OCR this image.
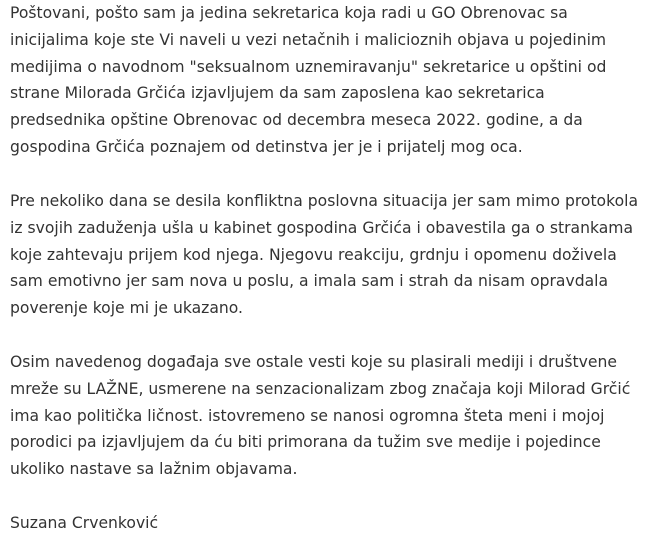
Poštovani, pošto sam ja jedina sekretarica koja radi u GO Obrenovac sa
inicijalima koje ste Vi naveli u vezi netačnih i malicioznih objava u pojedinim
medijima o navodnom "seksualnom uznemiravanju" sekretarice u opštini od
strane Milorada Grčića izjavljujem da sam zaposlena kao sekretarica
predsednika opštine Obrenovac od decembra meseca 2022. godine, a da
gospodina Grčića poznajem od detinstva jer je i prijatelj mog oca.
Pre nekoliko dana se desila konfliktna poslovna situacija jer sam mimo protokola
iz svojih zaduženja ušla u kabinet gospodina Grčića i obavestila ga o strankama
koje zahtevaju prijem kod njega. Njegovu reakciju, grdnju i opomenu doživela
sam emotivno jer sam nova u poslu, a imala sam i strah da nisam opravdala
poverenje koje mi je ukazano.
Osim navedenog događaja sve ostale vesti koje su plasirali mediji i društvene
mreže su LAŽNE, usmerene na senzacionalizam zbog značaja koji Milorad Grčić
ima kao politička ličnost. istovremeno se nanosi ogromna šteta meni i mojoj
porodici pa izjavljujem da ću biti primorana da tužim sve medije i pojedince
ukoliko nastave sa lažnim objavama.
Suzana Crvenković
